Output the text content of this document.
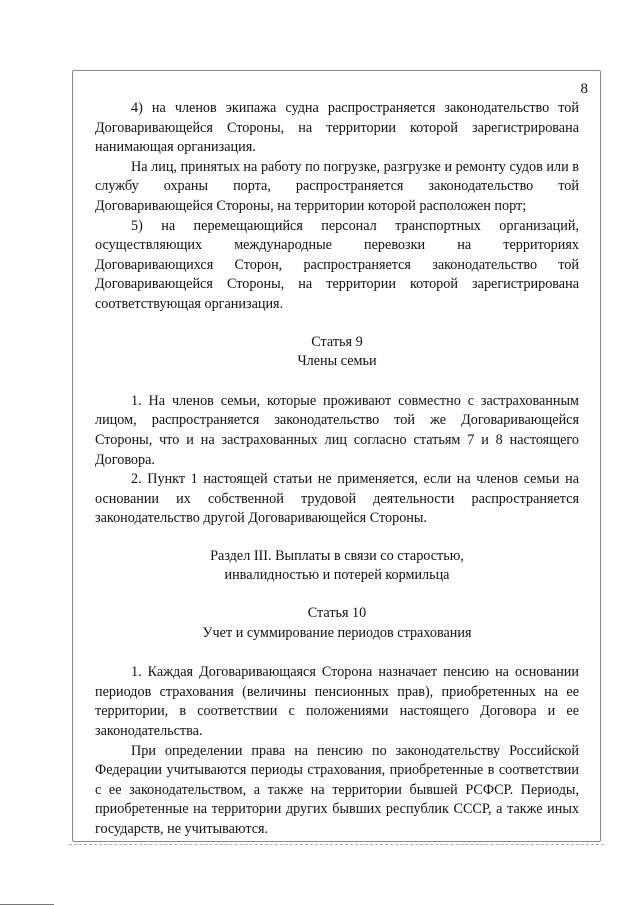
8

4) на членов экипажа судна распространяется законодательство той Договаривающейся Стороны, на территории которой зарегистрирована нанимающая организация.

На лиц, принятых на работу по погрузке, разгрузке и ремонту судов или в службу охраны порта, распространяется законодательство той Договаривающейся Стороны, на территории которой расположен порт;

5) на перемещающийся персонал транспортных организаций, осуществляющих международные перевозки на территориях Договаривающихся Сторон, распространяется законодательство той Договаривающейся Стороны, на территории которой зарегистрирована соответствующая организация.

Статья 9

Члены семьи

1. На членов семьи, которые проживают совместно с застрахованным лицом, распространяется законодательство той же Договаривающейся Стороны, что и на застрахованных лиц согласно статьям 7 и 8 настоящего Договора.

2. Пункт 1 настоящей статьи не применяется, если на членов семьи на основании их собственной трудовой деятельности распространяется законодательство другой Договаривающейся Стороны.

Раздел III. Выплаты в связи со старостью,

инвалидностью и потерей кормильца

Статья 10

Учет и суммирование периодов страхования

1. Каждая Договаривающаяся Сторона назначает пенсию на основании периодов страхования (величины пенсионных прав), приобретенных на ее территории, в соответствии с положениями настоящего Договора и ее законодательства.

При определении права на пенсию по законодательству Российской Федерации учитываются периоды страхования, приобретенные в соответствии с ее законодательством, а также на территории бывшей РСФСР. Периоды, приобретенные на территории других бывших республик СССР, а также иных государств, не учитываются.
